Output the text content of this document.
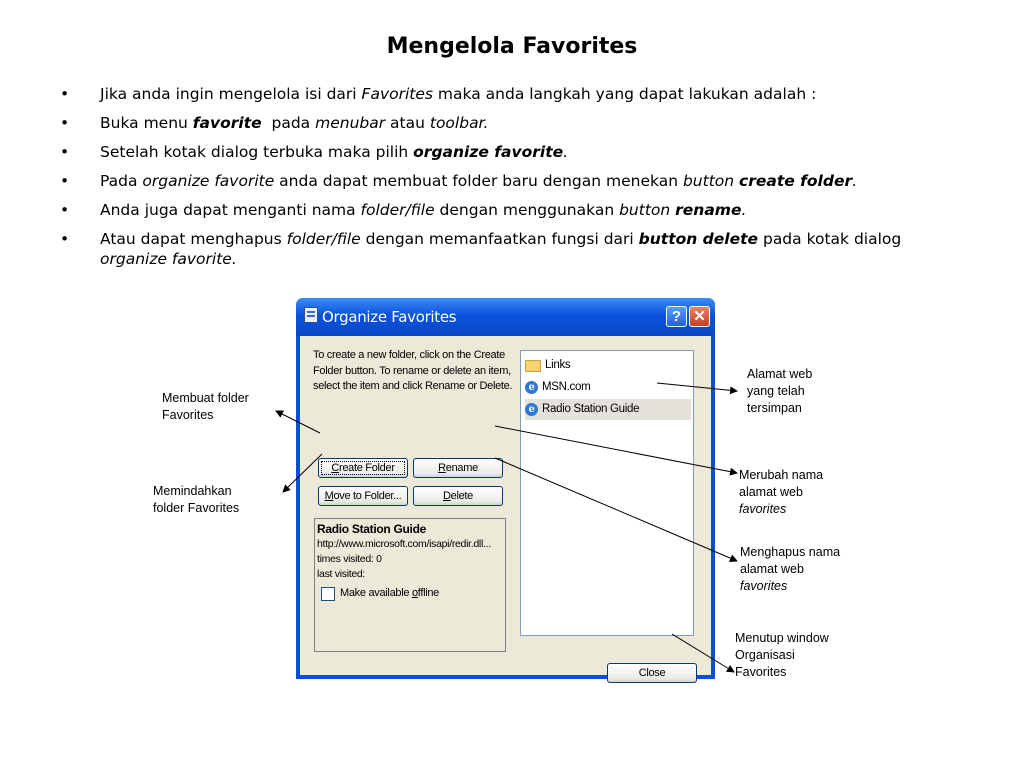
Mengelola Favorites
• Jika anda ingin mengelola isi dari Favorites maka anda langkah yang dapat lakukan adalah :
• Buka menu favorite  pada menubar atau toolbar.
• Setelah kotak dialog terbuka maka pilih organize favorite.
• Pada organize favorite anda dapat membuat folder baru dengan menekan button create folder.
• Anda juga dapat menganti nama folder/file dengan menggunakan button rename.
• Atau dapat menghapus folder/file dengan memanfaatkan fungsi dari button delete pada kotak dialog organize favorite.
Organize Favorites	? ✕
To create a new folder, click on the Create Folder button. To rename or delete an item, select the item and click Rename or Delete.
Create Folder	Rename
Move to Folder...	Delete
Radio Station Guide
http://www.microsoft.com/isapi/redir.dll...
times visited: 0
last visited:
Make available offline
Links
e MSN.com
e Radio Station Guide
Close
Membuat folder
Favorites
Memindahkan
folder Favorites
Alamat web
yang telah
tersimpan
Merubah nama
alamat web
favorites
Menghapus nama
alamat web
favorites
Menutup window
Organisasi
Favorites
